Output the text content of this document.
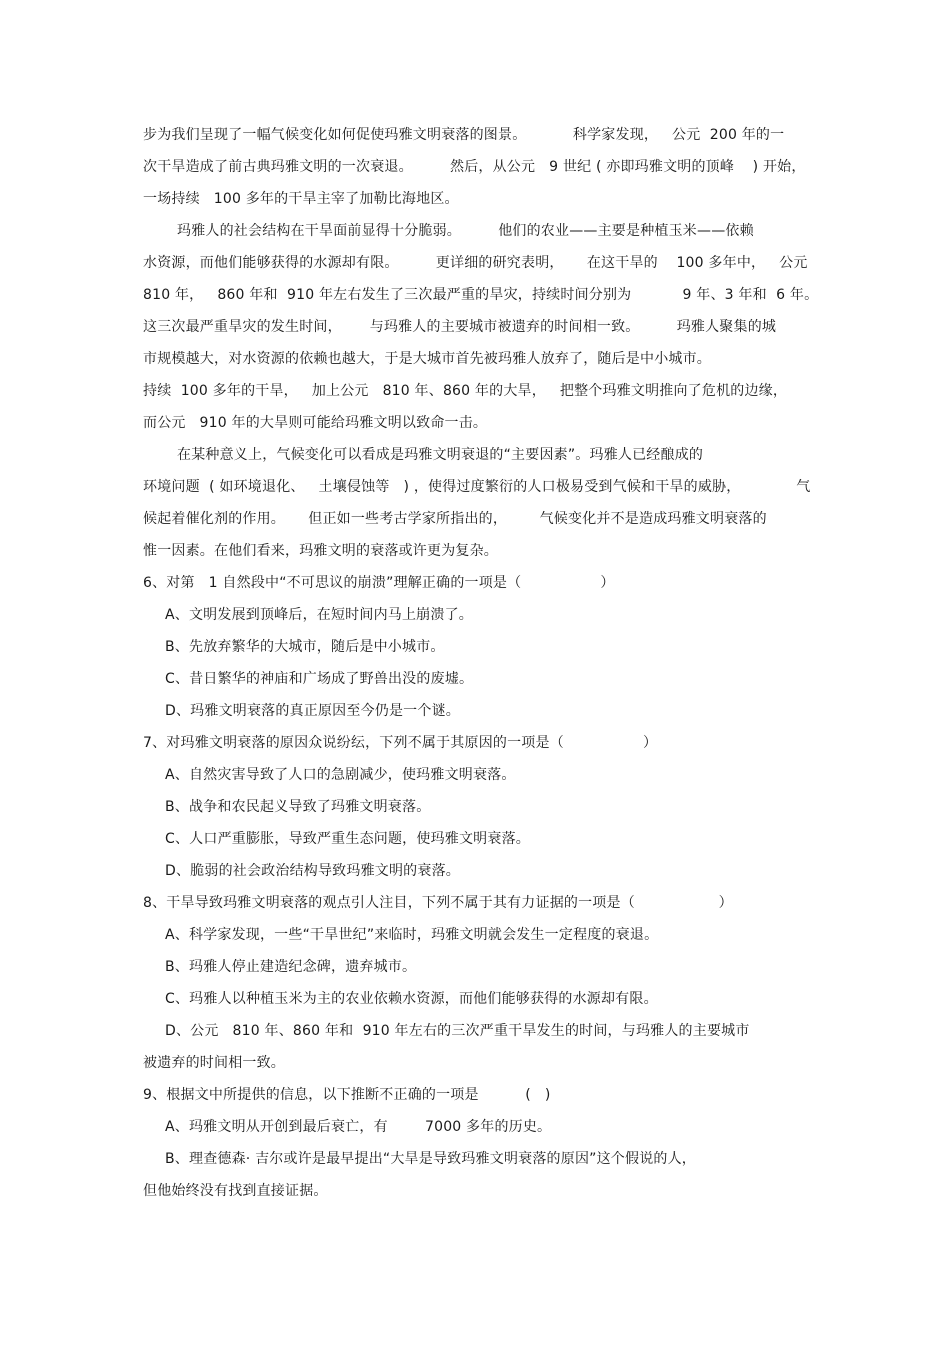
步为我们呈现了一幅气候变化如何促使玛雅文明衰落的图景。          科学家发现，   公元  200 年的一
次干旱造成了前古典玛雅文明的一次衰退。        然后，从公元   9 世纪 ( 亦即玛雅文明的顶峰    ) 开始，
一场持续   100 多年的干旱主宰了加勒比海地区。
玛雅人的社会结构在干旱面前显得十分脆弱。        他们的农业——主要是种植玉米——依赖
水资源，而他们能够获得的水源却有限。        更详细的研究表明，     在这干旱的    100 多年中，   公元
810 年，   860 年和  910 年左右发生了三次最严重的旱灾，持续时间分别为           9 年、3 年和  6 年。
这三次最严重旱灾的发生时间，      与玛雅人的主要城市被遗弃的时间相一致。        玛雅人聚集的城
市规模越大，对水资源的依赖也越大，于是大城市首先被玛雅人放弃了，随后是中小城市。
持续  100 多年的干旱，   加上公元   810 年、860 年的大旱，   把整个玛雅文明推向了危机的边缘，
而公元   910 年的大旱则可能给玛雅文明以致命一击。
在某种意义上，气候变化可以看成是玛雅文明衰退的“主要因素”。玛雅人已经酿成的
环境问题  ( 如环境退化、   土壤侵蚀等   ) ，使得过度繁衍的人口极易受到气候和干旱的威胁，            气
候起着催化剂的作用。     但正如一些考古学家所指出的，       气候变化并不是造成玛雅文明衰落的
惟一因素。在他们看来，玛雅文明的衰落或许更为复杂。
6、对第   1 自然段中“不可思议的崩溃”理解正确的一项是（                 ）
A、文明发展到顶峰后，在短时间内马上崩溃了。
B、先放弃繁华的大城市，随后是中小城市。
C、昔日繁华的神庙和广场成了野兽出没的废墟。
D、玛雅文明衰落的真正原因至今仍是一个谜。
7、对玛雅文明衰落的原因众说纷纭，下列不属于其原因的一项是（                 ）
A、自然灾害导致了人口的急剧减少，使玛雅文明衰落。
B、战争和农民起义导致了玛雅文明衰落。
C、人口严重膨胀，导致严重生态问题，使玛雅文明衰落。
D、脆弱的社会政治结构导致玛雅文明的衰落。
8、干旱导致玛雅文明衰落的观点引人注目，下列不属于其有力证据的一项是（                  ）
A、科学家发现，一些“干旱世纪”来临时，玛雅文明就会发生一定程度的衰退。
B、玛雅人停止建造纪念碑，遗弃城市。
C、玛雅人以种植玉米为主的农业依赖水资源，而他们能够获得的水源却有限。
D、公元   810 年、860 年和  910 年左右的三次严重干旱发生的时间，与玛雅人的主要城市
被遗弃的时间相一致。
9、根据文中所提供的信息，以下推断不正确的一项是          (   )
A、玛雅文明从开创到最后衰亡，有        7000 多年的历史。
B、理查德森· 吉尔或许是最早提出“大旱是导致玛雅文明衰落的原因”这个假说的人，
但他始终没有找到直接证据。
